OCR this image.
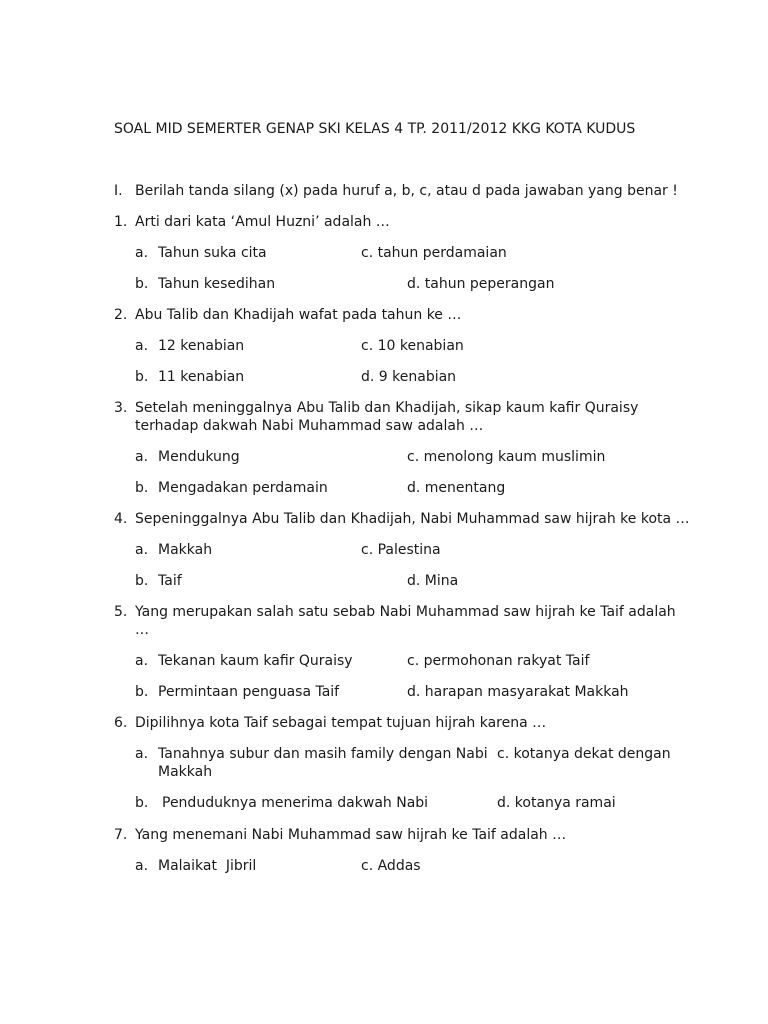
SOAL MID SEMERTER GENAP SKI KELAS 4 TP. 2011/2012 KKG KOTA KUDUS
I. Berilah tanda silang (x) pada huruf a, b, c, atau d pada jawaban yang benar !
1. Arti dari kata ‘Amul Huzni’ adalah …
a. Tahun suka cita	c. tahun perdamaian
b. Tahun kesedihan	d. tahun peperangan
2. Abu Talib dan Khadijah wafat pada tahun ke …
a. 12 kenabian	c. 10 kenabian
b. 11 kenabian	d. 9 kenabian
3. Setelah meninggalnya Abu Talib dan Khadijah, sikap kaum kafir Quraisy
terhadap dakwah Nabi Muhammad saw adalah …
a. Mendukung	c. menolong kaum muslimin
b. Mengadakan perdamain	d. menentang
4. Sepeninggalnya Abu Talib dan Khadijah, Nabi Muhammad saw hijrah ke kota …
a. Makkah	c. Palestina
b. Taif	d. Mina
5. Yang merupakan salah satu sebab Nabi Muhammad saw hijrah ke Taif adalah
…
a. Tekanan kaum kafir Quraisy	c. permohonan rakyat Taif
b. Permintaan penguasa Taif	d. harapan masyarakat Makkah
6. Dipilihnya kota Taif sebagai tempat tujuan hijrah karena …
a. Tanahnya subur dan masih family dengan Nabi c. kotanya dekat dengan
Makkah
b. Penduduknya menerima dakwah Nabi	d. kotanya ramai
7. Yang menemani Nabi Muhammad saw hijrah ke Taif adalah …
a. Malaikat  Jibril	c. Addas
